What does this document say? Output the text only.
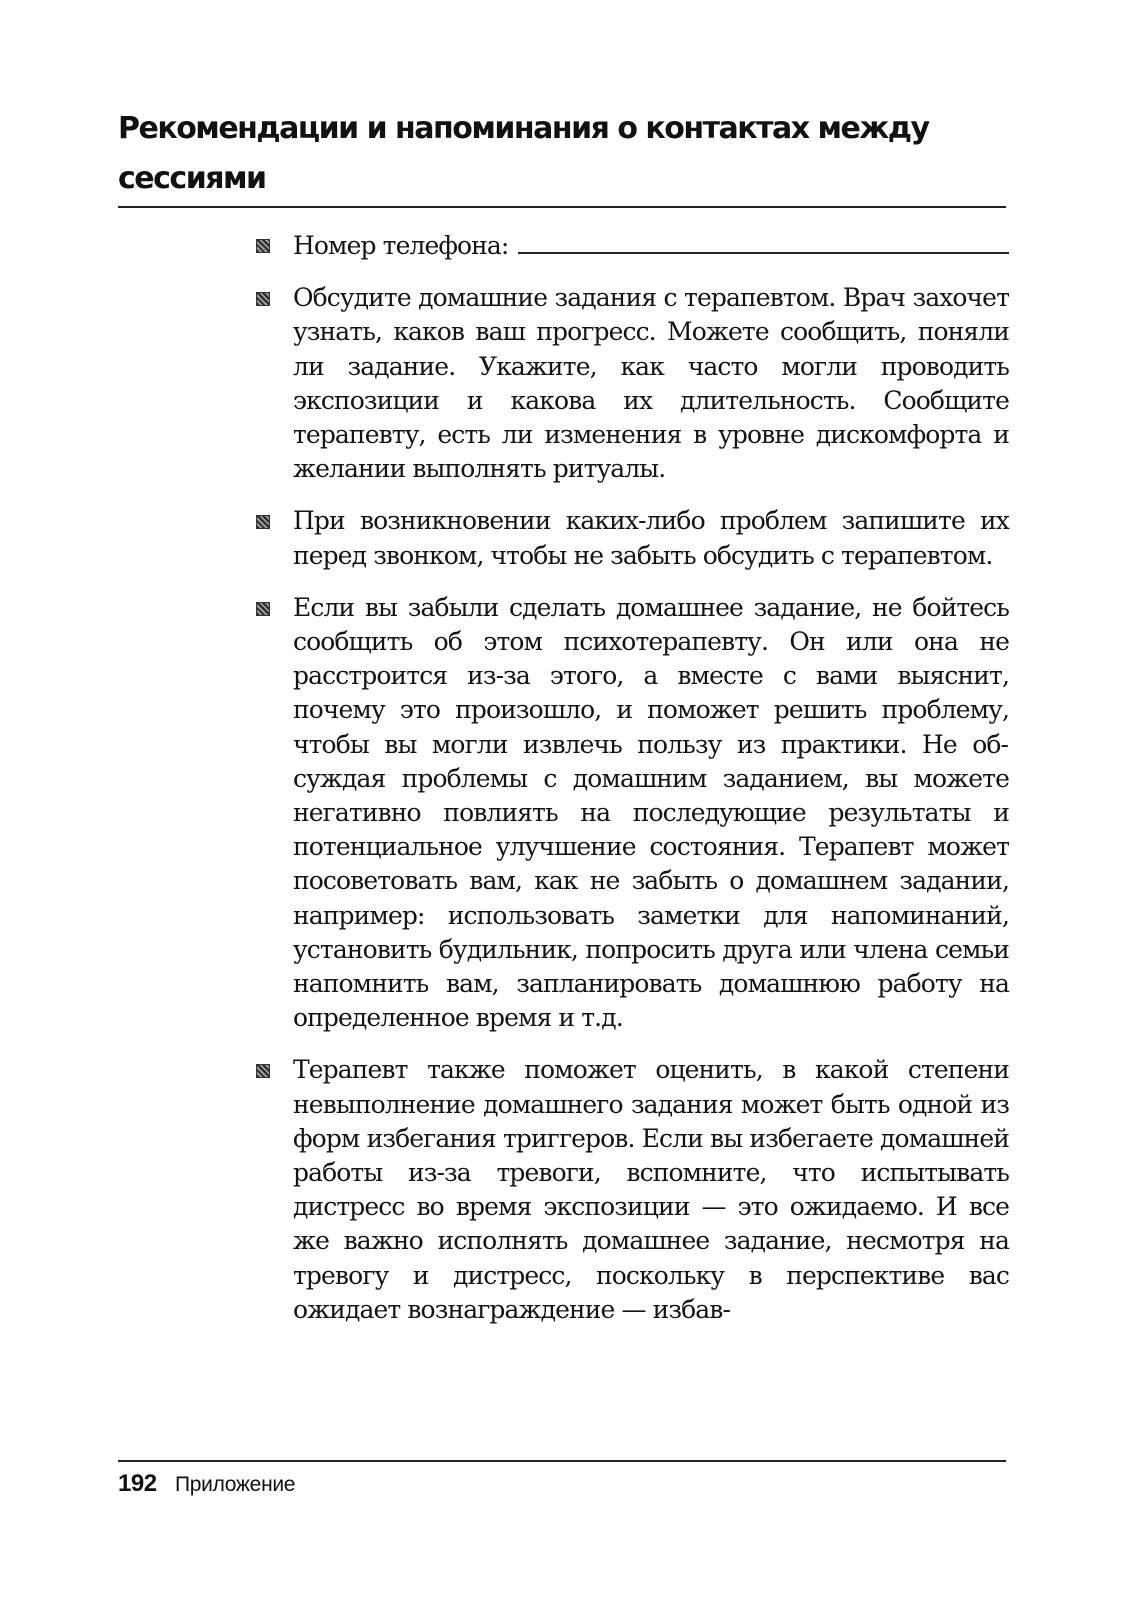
Рекомендации и напоминания о контактах между
сессиями
Номер телефона:
Обсудите домашние задания с терапевтом. Врач захочет узнать, каков ваш прогресс. Можете сообщить, поняли ли задание. Укажите, как часто могли проводить экспозиции и какова их длительность. Сообщите терапевту, есть ли изменения в уровне дискомфорта и желании выполнять ритуалы.
При возникновении каких-либо проблем запишите их перед звонком, чтобы не забыть обсудить с терапевтом.
Если вы забыли сделать домашнее задание, не бойтесь сообщить об этом психотерапевту. Он или она не расстроится из-за этого, а вместе с вами выяснит, почему это произошло, и поможет решить проблему, чтобы вы могли извлечь пользу из практики. Не обсуждая проблемы с домашним заданием, вы можете негативно повлиять на последующие результаты и потенциальное улучшение состояния. Терапевт может посоветовать вам, как не забыть о домашнем задании, например: использовать заметки для напоминаний, установить будильник, попросить друга или члена семьи напомнить вам, запланировать домашнюю работу на определенное время и т.д.
Терапевт также поможет оценить, в какой степени невыполнение домашнего задания может быть одной из форм избегания триггеров. Если вы избегаете домашней работы из-за тревоги, вспомните, что испытывать дистресс во время экспозиции — это ожидаемо. И все же важно исполнять домашнее задание, несмотря на тревогу и дистресс, поскольку в перспективе вас ожидает вознаграждение — избав-
192 Приложение
